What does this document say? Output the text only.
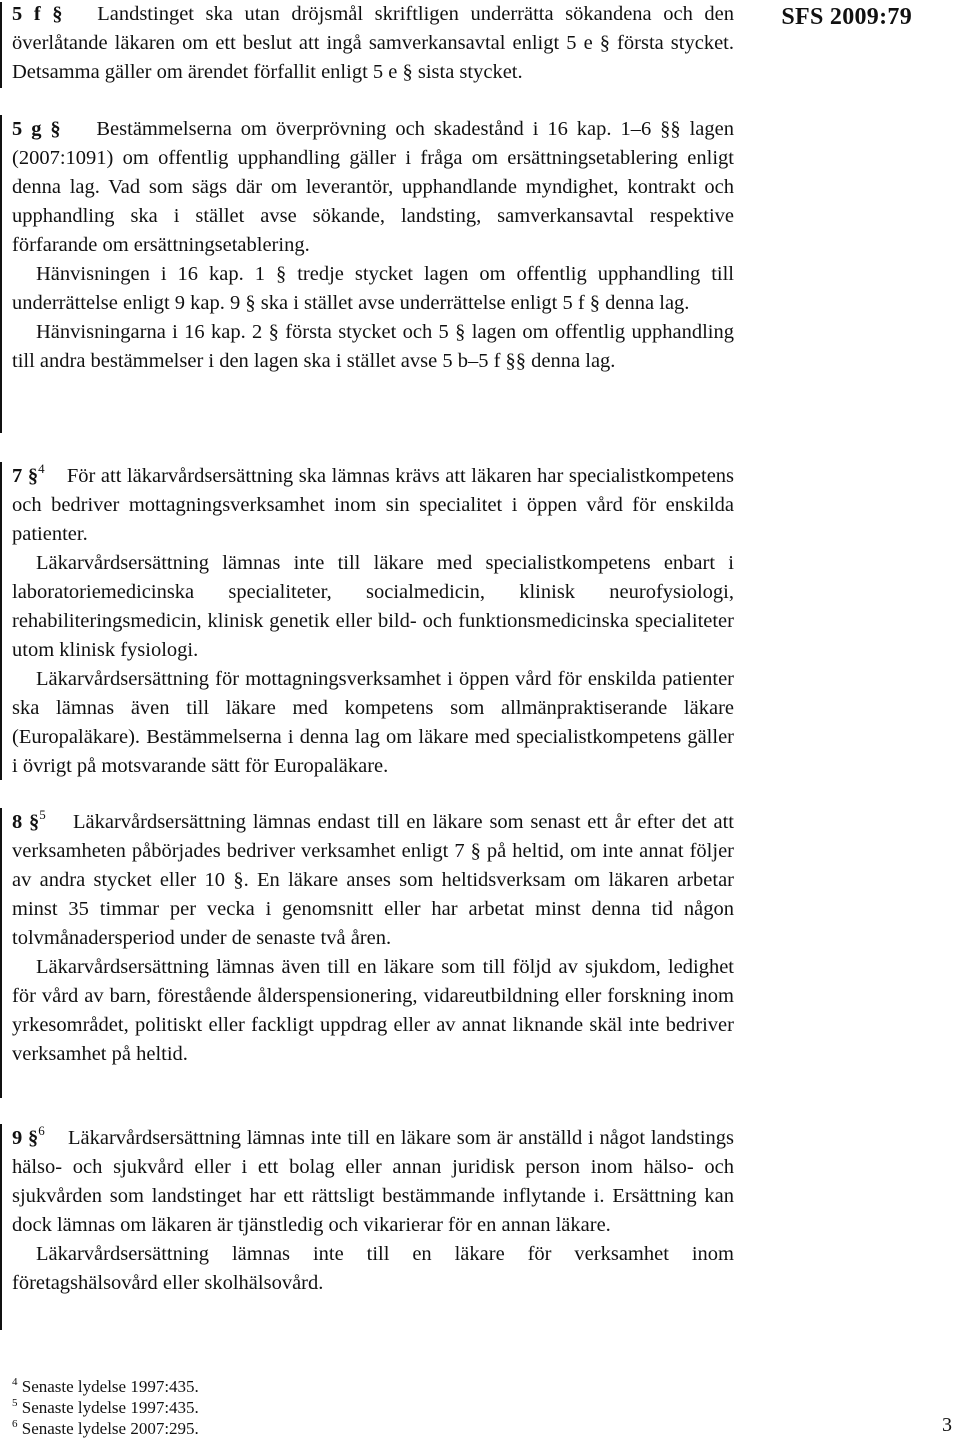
SFS 2009:79

5 f § Landstinget ska utan dröjsmål skriftligen underrätta sökandena och den överlåtande läkaren om ett beslut att ingå samverkansavtal enligt 5 e § första stycket. Detsamma gäller om ärendet förfallit enligt 5 e § sista stycket.

5 g § Bestämmelserna om överprövning och skadestånd i 16 kap. 1–6 §§ lagen (2007:1091) om offentlig upphandling gäller i fråga om ersättningsetablering enligt denna lag. Vad som sägs där om leverantör, upphandlande myndighet, kontrakt och upphandling ska i stället avse sökande, landsting, samverkansavtal respektive förfarande om ersättningsetablering.

Hänvisningen i 16 kap. 1 § tredje stycket lagen om offentlig upphandling till underrättelse enligt 9 kap. 9 § ska i stället avse underrättelse enligt 5 f § denna lag.

Hänvisningarna i 16 kap. 2 § första stycket och 5 § lagen om offentlig upphandling till andra bestämmelser i den lagen ska i stället avse 5 b–5 f §§ denna lag.

7 §$^4$ För att läkarvårdsersättning ska lämnas krävs att läkaren har specialistkompetens och bedriver mottagningsverksamhet inom sin specialitet i öppen vård för enskilda patienter.

Läkarvårdsersättning lämnas inte till läkare med specialistkompetens enbart i laboratoriemedicinska specialiteter, socialmedicin, klinisk neurofysiologi, rehabiliteringsmedicin, klinisk genetik eller bild- och funktionsmedicinska specialiteter utom klinisk fysiologi.

Läkarvårdsersättning för mottagningsverksamhet i öppen vård för enskilda patienter ska lämnas även till läkare med kompetens som allmänpraktiserande läkare (Europaläkare). Bestämmelserna i denna lag om läkare med specialistkompetens gäller i övrigt på motsvarande sätt för Europaläkare.

8 §$^5$ Läkarvårdsersättning lämnas endast till en läkare som senast ett år efter det att verksamheten påbörjades bedriver verksamhet enligt 7 § på heltid, om inte annat följer av andra stycket eller 10 §. En läkare anses som heltidsverksam om läkaren arbetar minst 35 timmar per vecka i genomsnitt eller har arbetat minst denna tid någon tolvmånadersperiod under de senaste två åren.

Läkarvårdsersättning lämnas även till en läkare som till följd av sjukdom, ledighet för vård av barn, förestående ålderspensionering, vidareutbildning eller forskning inom yrkesområdet, politiskt eller fackligt uppdrag eller av annat liknande skäl inte bedriver verksamhet på heltid.

9 §$^6$ Läkarvårdsersättning lämnas inte till en läkare som är anställd i något landstings hälso- och sjukvård eller i ett bolag eller annan juridisk person inom hälso- och sjukvården som landstinget har ett rättsligt bestämmande inflytande i. Ersättning kan dock lämnas om läkaren är tjänstledig och vikarierar för en annan läkare.

Läkarvårdsersättning lämnas inte till en läkare för verksamhet inom företagshälsovård eller skolhälsovård.

$^4$ Senaste lydelse 1997:435.
$^5$ Senaste lydelse 1997:435.
$^6$ Senaste lydelse 2007:295.	3
